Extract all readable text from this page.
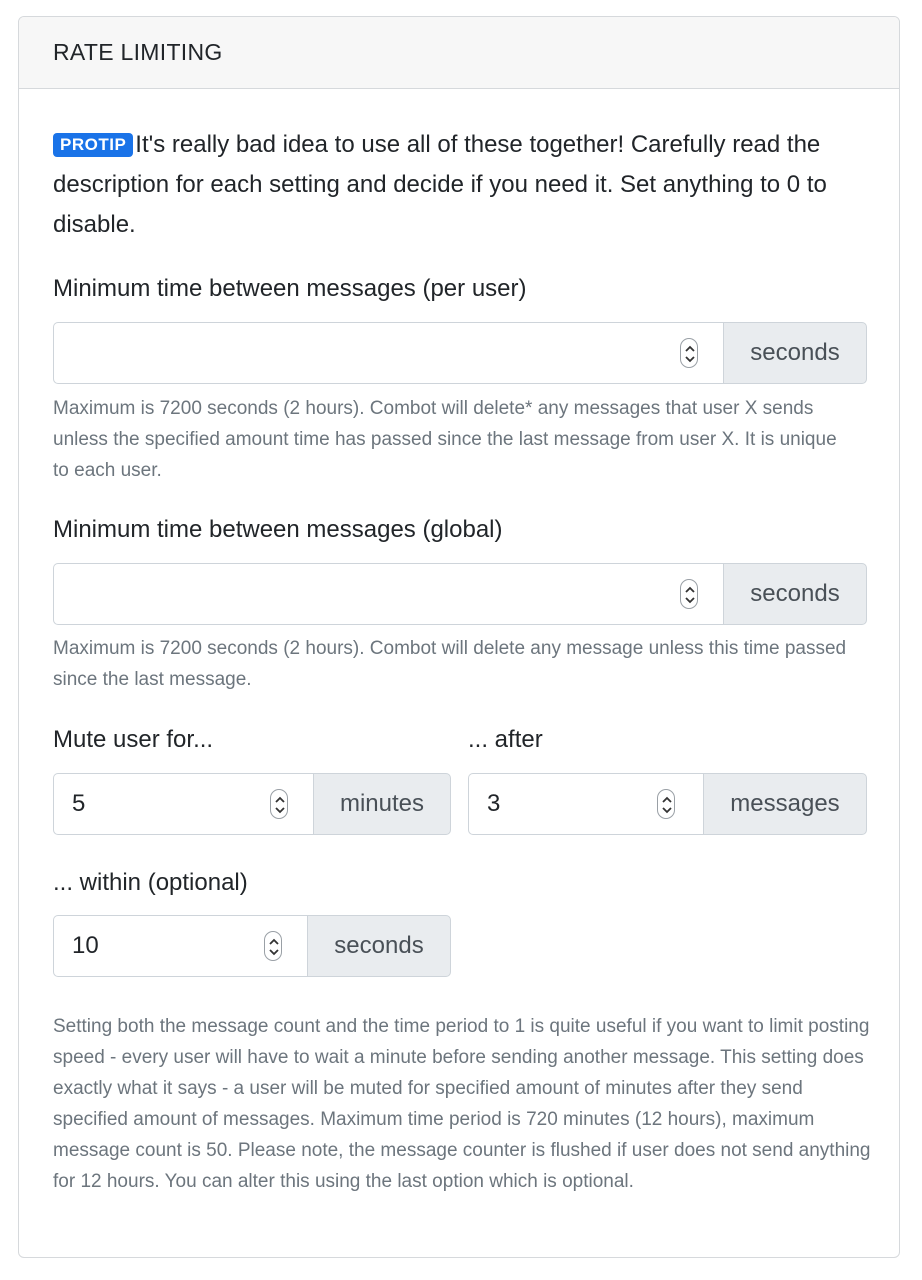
RATE LIMITING
PROTIP It's really bad idea to use all of these together! Carefully read the description for each setting and decide if you need it. Set anything to 0 to disable.
Minimum time between messages (per user)
seconds
Maximum is 7200 seconds (2 hours). Combot will delete* any messages that user X sends unless the specified amount time has passed since the last message from user X. It is unique to each user.
Minimum time between messages (global)
seconds
Maximum is 7200 seconds (2 hours). Combot will delete any message unless this time passed since the last message.
Mute user for...	... after
5	minutes	3	messages
... within (optional)
10	seconds
Setting both the message count and the time period to 1 is quite useful if you want to limit posting speed - every user will have to wait a minute before sending another message. This setting does exactly what it says - a user will be muted for specified amount of minutes after they send specified amount of messages. Maximum time period is 720 minutes (12 hours), maximum message count is 50. Please note, the message counter is flushed if user does not send anything for 12 hours. You can alter this using the last option which is optional.
